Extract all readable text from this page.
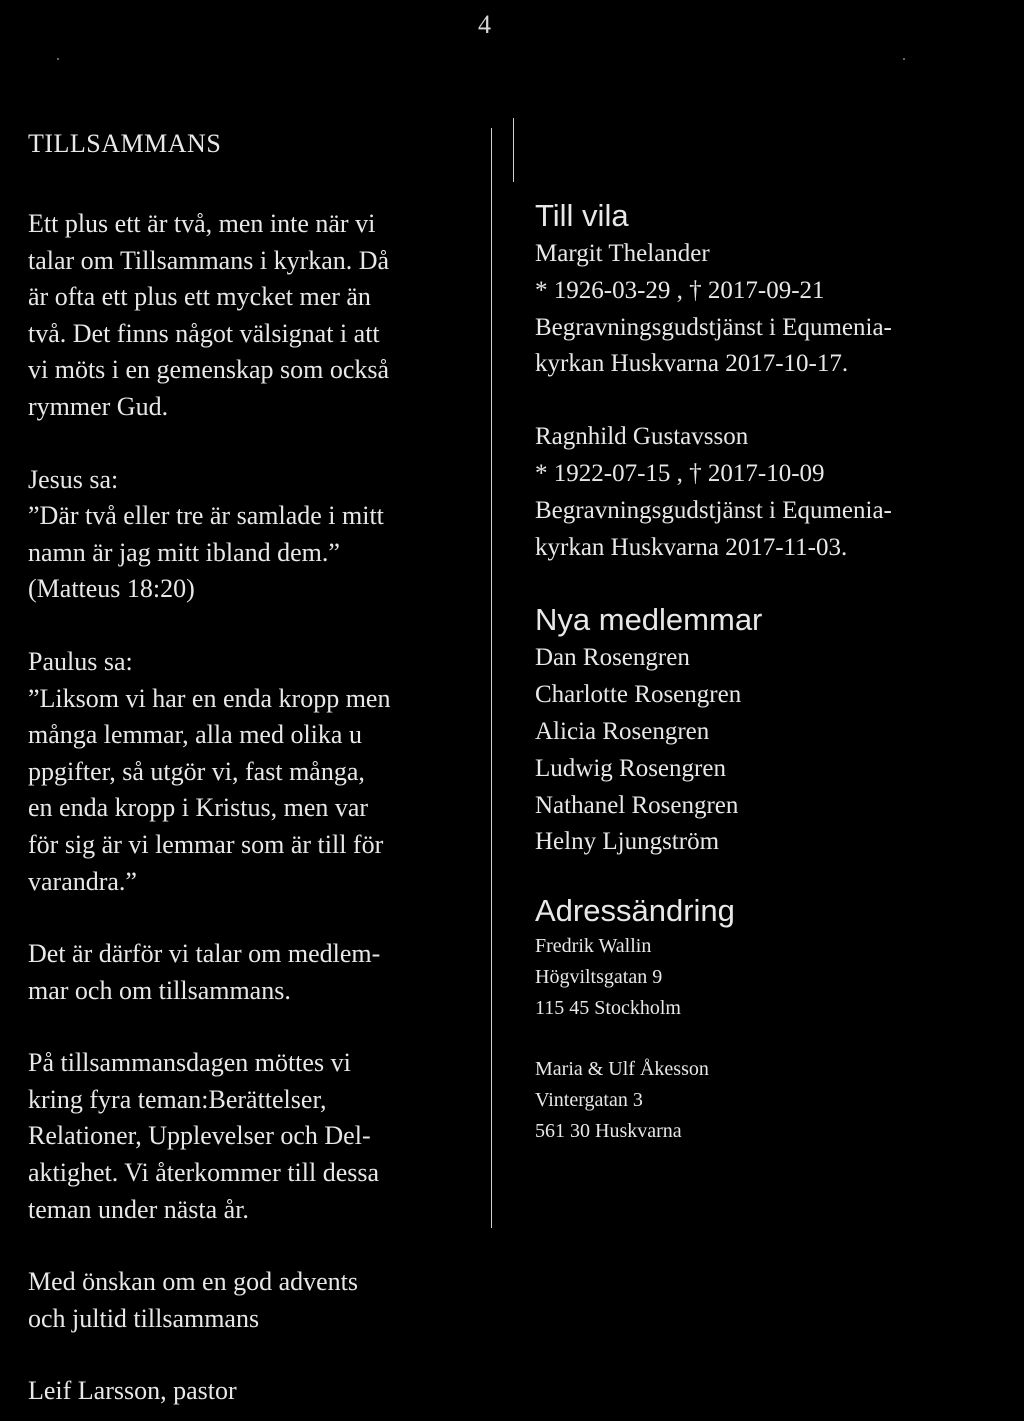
4

TILLSAMMANS

Ett plus ett är två, men inte när vi

talar om Tillsammans i kyrkan. Då

är ofta ett plus ett mycket mer än

två. Det finns något välsignat i att

vi möts i en gemenskap som också

rymmer Gud.

Jesus sa:

”Där två eller tre är samlade i mitt

namn är jag mitt ibland dem.”

(Matteus 18:20)

Paulus sa:

”Liksom vi har en enda kropp men

många lemmar, alla med olika u

ppgifter, så utgör vi, fast många,

en enda kropp i Kristus, men var

för sig är vi lemmar som är till för

varandra.”

Det är därför vi talar om medlem-

mar och om tillsammans.

På tillsammansdagen möttes vi

kring fyra teman:Berättelser,

Relationer, Upplevelser och Del-

aktighet. Vi återkommer till dessa

teman under nästa år.

Med önskan om en god advents

och jultid tillsammans

Leif Larsson, pastor

Till vila

Margit Thelander

* 1926-03-29 , † 2017-09-21

Begravningsgudstjänst i Equmenia-

kyrkan Huskvarna 2017-10-17.

Ragnhild Gustavsson

* 1922-07-15 , † 2017-10-09

Begravningsgudstjänst i Equmenia-

kyrkan Huskvarna 2017-11-03.

Nya medlemmar

Dan Rosengren

Charlotte Rosengren

Alicia Rosengren

Ludwig Rosengren

Nathanel Rosengren

Helny Ljungström

Adressändring

Fredrik Wallin

Högviltsgatan 9

115 45 Stockholm

Maria & Ulf Åkesson

Vintergatan 3

561 30 Huskvarna
